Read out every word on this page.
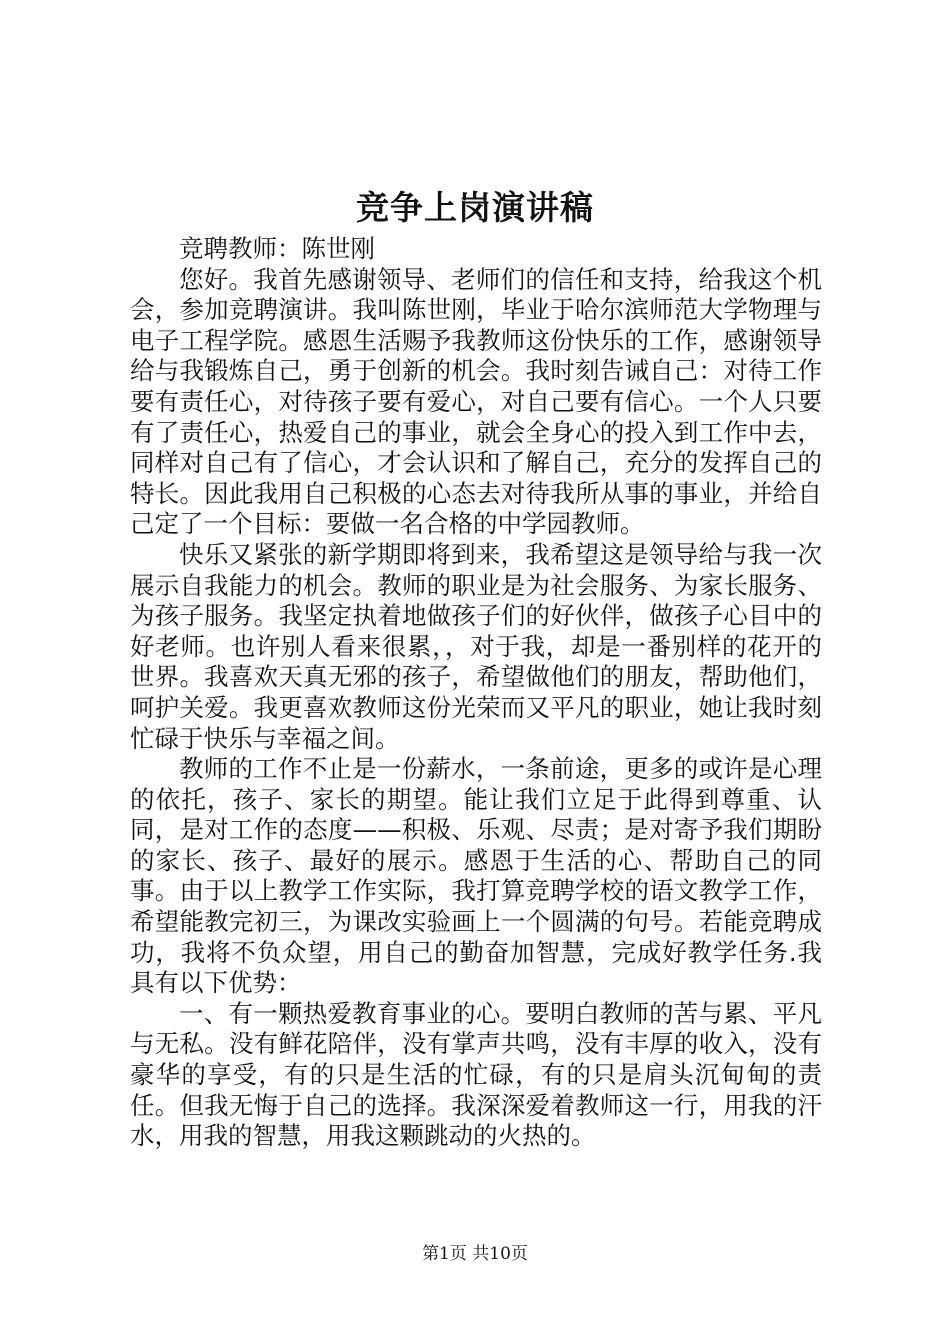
竞争上岗演讲稿

竞聘教师：陈世刚

您好。我首先感谢领导、老师们的信任和支持，给我这个机会，参加竞聘演讲。我叫陈世刚，毕业于哈尔滨师范大学物理与电子工程学院。感恩生活赐予我教师这份快乐的工作，感谢领导给与我锻炼自己，勇于创新的机会。我时刻告诫自己：对待工作要有责任心，对待孩子要有爱心，对自己要有信心。一个人只要有了责任心，热爱自己的事业，就会全身心的投入到工作中去，同样对自己有了信心，才会认识和了解自己，充分的发挥自己的特长。因此我用自己积极的心态去对待我所从事的事业，并给自己定了一个目标：要做一名合格的中学园教师。

快乐又紧张的新学期即将到来，我希望这是领导给与我一次展示自我能力的机会。教师的职业是为社会服务、为家长服务、为孩子服务。我坚定执着地做孩子们的好伙伴，做孩子心目中的好老师。也许别人看来很累，，对于我，却是一番别样的花开的世界。我喜欢天真无邪的孩子，希望做他们的朋友，帮助他们，呵护关爱。我更喜欢教师这份光荣而又平凡的职业，她让我时刻忙碌于快乐与幸福之间。

教师的工作不止是一份薪水，一条前途，更多的或许是心理的依托，孩子、家长的期望。能让我们立足于此得到尊重、认同，是对工作的态度——积极、乐观、尽责；是对寄予我们期盼的家长、孩子、最好的展示。感恩于生活的心、帮助自己的同事。由于以上教学工作实际，我打算竞聘学校的语文教学工作，希望能教完初三，为课改实验画上一个圆满的句号。若能竞聘成功，我将不负众望，用自己的勤奋加智慧，完成好教学任务.我具有以下优势：

一、有一颗热爱教育事业的心。要明白教师的苦与累、平凡与无私。没有鲜花陪伴，没有掌声共鸣，没有丰厚的收入，没有豪华的享受，有的只是生活的忙碌，有的只是肩头沉甸甸的责任。但我无悔于自己的选择。我深深爱着教师这一行，用我的汗水，用我的智慧，用我这颗跳动的火热的。

第1页 共10页
